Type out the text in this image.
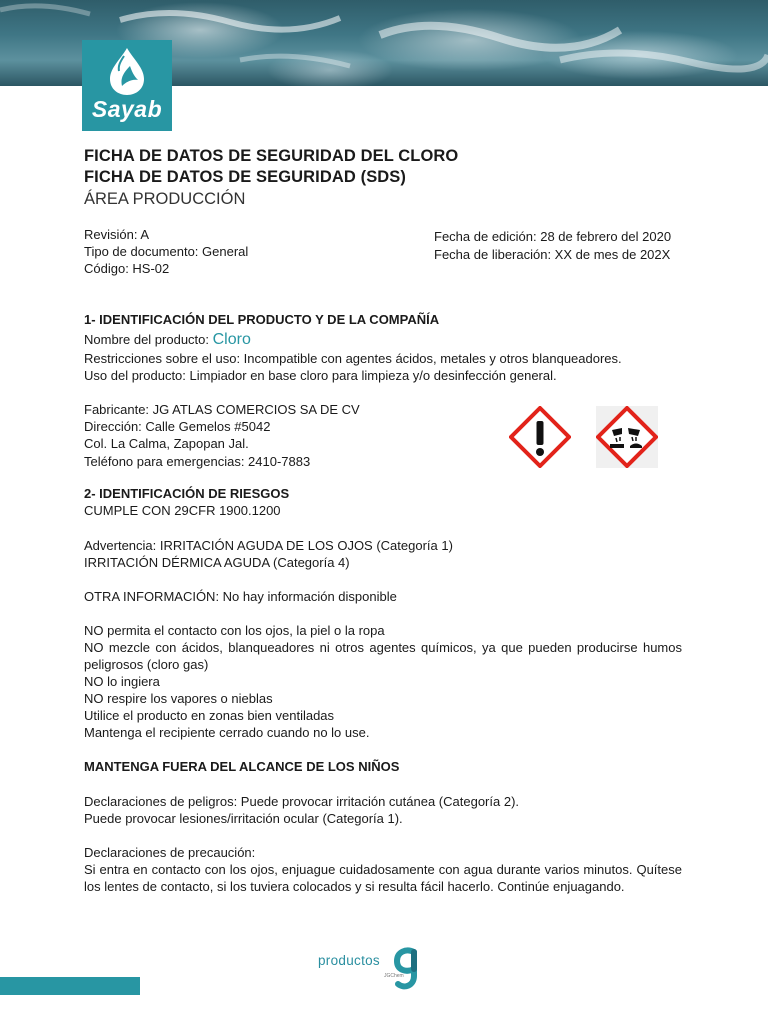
Sayab
FICHA DE DATOS DE SEGURIDAD DEL CLORO
FICHA DE DATOS DE SEGURIDAD (SDS)
ÁREA PRODUCCIÓN
Revisión: A
Tipo de documento: General
Código: HS-02
Fecha de edición: 28 de febrero del 2020
Fecha de liberación: XX de mes de 202X
1- IDENTIFICACIÓN DEL PRODUCTO Y DE LA COMPAÑÍA
Nombre del producto: Cloro
Restricciones sobre el uso: Incompatible con agentes ácidos, metales y otros blanqueadores.
Uso del producto: Limpiador en base cloro para limpieza y/o desinfección general.
Fabricante: JG ATLAS COMERCIOS SA DE CV
Dirección: Calle Gemelos #5042
Col. La Calma, Zapopan Jal.
Teléfono para emergencias: 2410-7883
2- IDENTIFICACIÓN DE RIESGOS
CUMPLE CON 29CFR 1900.1200
Advertencia: IRRITACIÓN AGUDA DE LOS OJOS (Categoría 1)
IRRITACIÓN DÉRMICA AGUDA (Categoría 4)
OTRA INFORMACIÓN: No hay información disponible
NO permita el contacto con los ojos, la piel o la ropa
NO mezcle con ácidos, blanqueadores ni otros agentes químicos, ya que pueden producirse humos peligrosos (cloro gas)
NO lo ingiera
NO respire los vapores o nieblas
Utilice el producto en zonas bien ventiladas
Mantenga el recipiente cerrado cuando no lo use.
MANTENGA FUERA DEL ALCANCE DE LOS NIÑOS
Declaraciones de peligros: Puede provocar irritación cutánea (Categoría 2).
Puede provocar lesiones/irritación ocular (Categoría 1).
Declaraciones de precaución:
Si entra en contacto con los ojos, enjuague cuidadosamente con agua durante varios minutos. Quítese los lentes de contacto, si los tuviera colocados y si resulta fácil hacerlo. Continúe enjuagando.
productos
JGChem
